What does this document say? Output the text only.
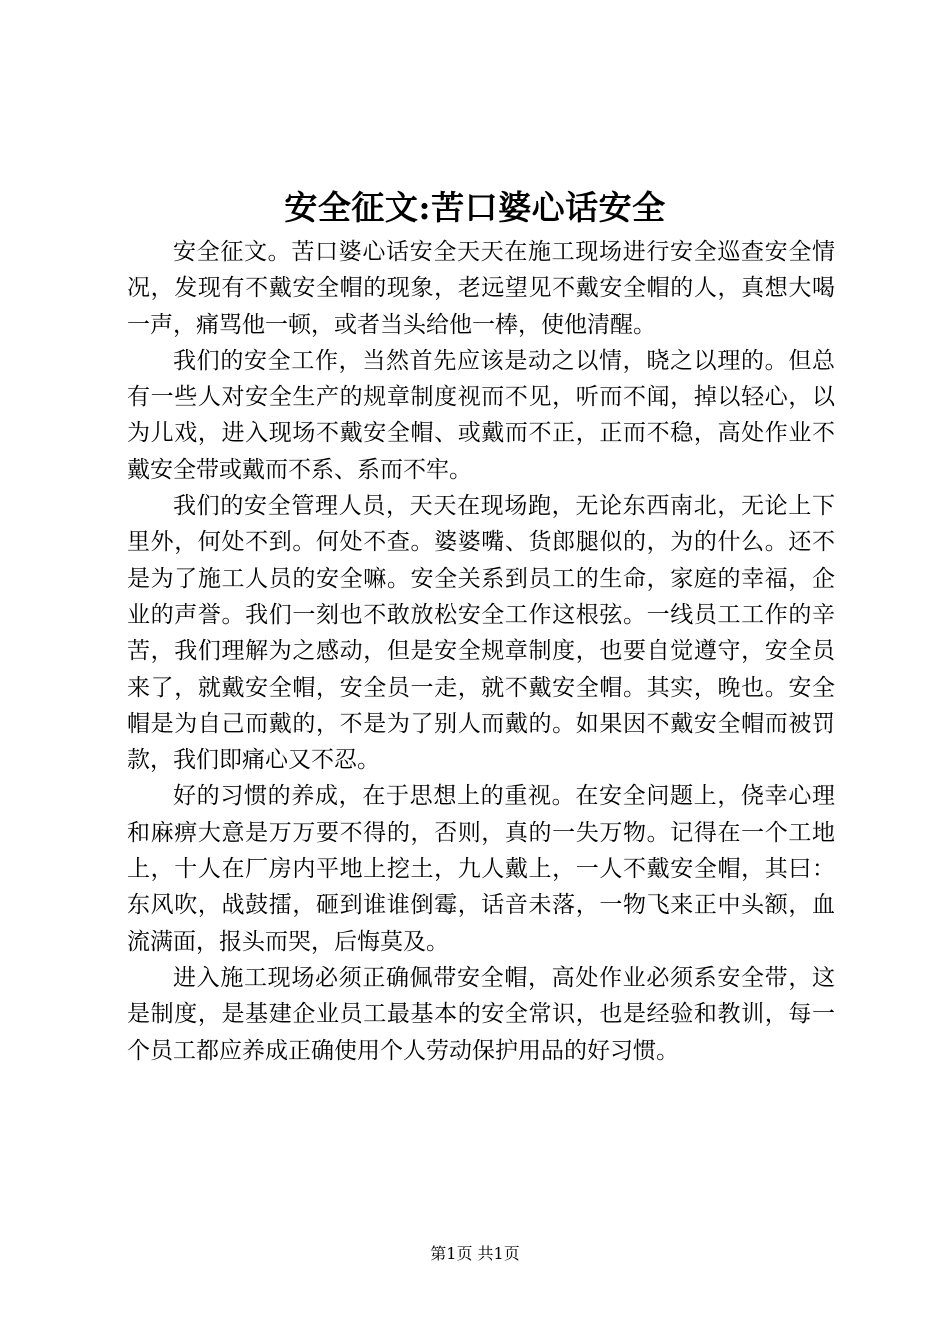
安全征文:苦口婆心话安全

安全征文。苦口婆心话安全天天在施工现场进行安全巡查安全情况，发现有不戴安全帽的现象，老远望见不戴安全帽的人，真想大喝一声，痛骂他一顿，或者当头给他一棒，使他清醒。

我们的安全工作，当然首先应该是动之以情，晓之以理的。但总有一些人对安全生产的规章制度视而不见，听而不闻，掉以轻心，以为儿戏，进入现场不戴安全帽、或戴而不正，正而不稳，高处作业不戴安全带或戴而不系、系而不牢。

我们的安全管理人员，天天在现场跑，无论东西南北，无论上下里外，何处不到。何处不查。婆婆嘴、货郎腿似的，为的什么。还不是为了施工人员的安全嘛。安全关系到员工的生命，家庭的幸福，企业的声誉。我们一刻也不敢放松安全工作这根弦。一线员工工作的辛苦，我们理解为之感动，但是安全规章制度，也要自觉遵守，安全员来了，就戴安全帽，安全员一走，就不戴安全帽。其实，晚也。安全帽是为自己而戴的，不是为了别人而戴的。如果因不戴安全帽而被罚款，我们即痛心又不忍。

好的习惯的养成，在于思想上的重视。在安全问题上，侥幸心理和麻痹大意是万万要不得的，否则，真的一失万物。记得在一个工地上，十人在厂房内平地上挖土，九人戴上，一人不戴安全帽，其曰：东风吹，战鼓擂，砸到谁谁倒霉，话音未落，一物飞来正中头额，血流满面，报头而哭，后悔莫及。

进入施工现场必须正确佩带安全帽，高处作业必须系安全带，这是制度，是基建企业员工最基本的安全常识，也是经验和教训，每一个员工都应养成正确使用个人劳动保护用品的好习惯。

第1页 共1页
